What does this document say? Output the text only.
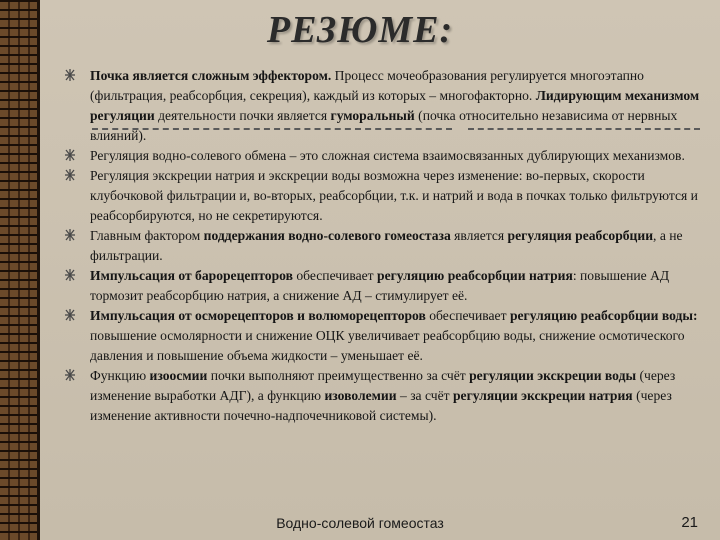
РЕЗЮМЕ:
Почка является сложным эффектором. Процесс мочеобразования регулируется многоэтапно (фильтрация, реабсорбция, секреция), каждый из которых – многофакторно. Лидирующим механизмом регуляции деятельности почки является гуморальный (почка относительно независима от нервных влияний).
Регуляция водно-солевого обмена – это сложная система взаимосвязанных дублирующих механизмов.
Регуляция экскреции натрия и экскреции воды возможна через изменение: во-первых, скорости клубочковой фильтрации и, во-вторых, реабсорбции, т.к. и натрий и вода в почках только фильтруются и реабсорбируются, но не секретируются.
Главным фактором поддержания водно-солевого гомеостаза является регуляция реабсорбции, а не фильтрации.
Импульсация от барорецепторов обеспечивает регуляцию реабсорбции натрия: повышение АД тормозит реабсорбцию натрия, а снижение АД – стимулирует её.
Импульсация от осморецепторов и волюморецепторов обеспечивает регуляцию реабсорбции воды: повышение осмолярности и снижение ОЦК увеличивает реабсорбцию воды, снижение осмотического давления и повышение объема жидкости – уменьшает её.
Функцию изоосмии почки выполняют преимущественно за счёт регуляции экскреции воды (через изменение выработки АДГ), а функцию изоволемии – за счёт регуляции экскреции натрия (через изменение активности почечно-надпочечниковой системы).
Водно-солевой гомеостаз	21
